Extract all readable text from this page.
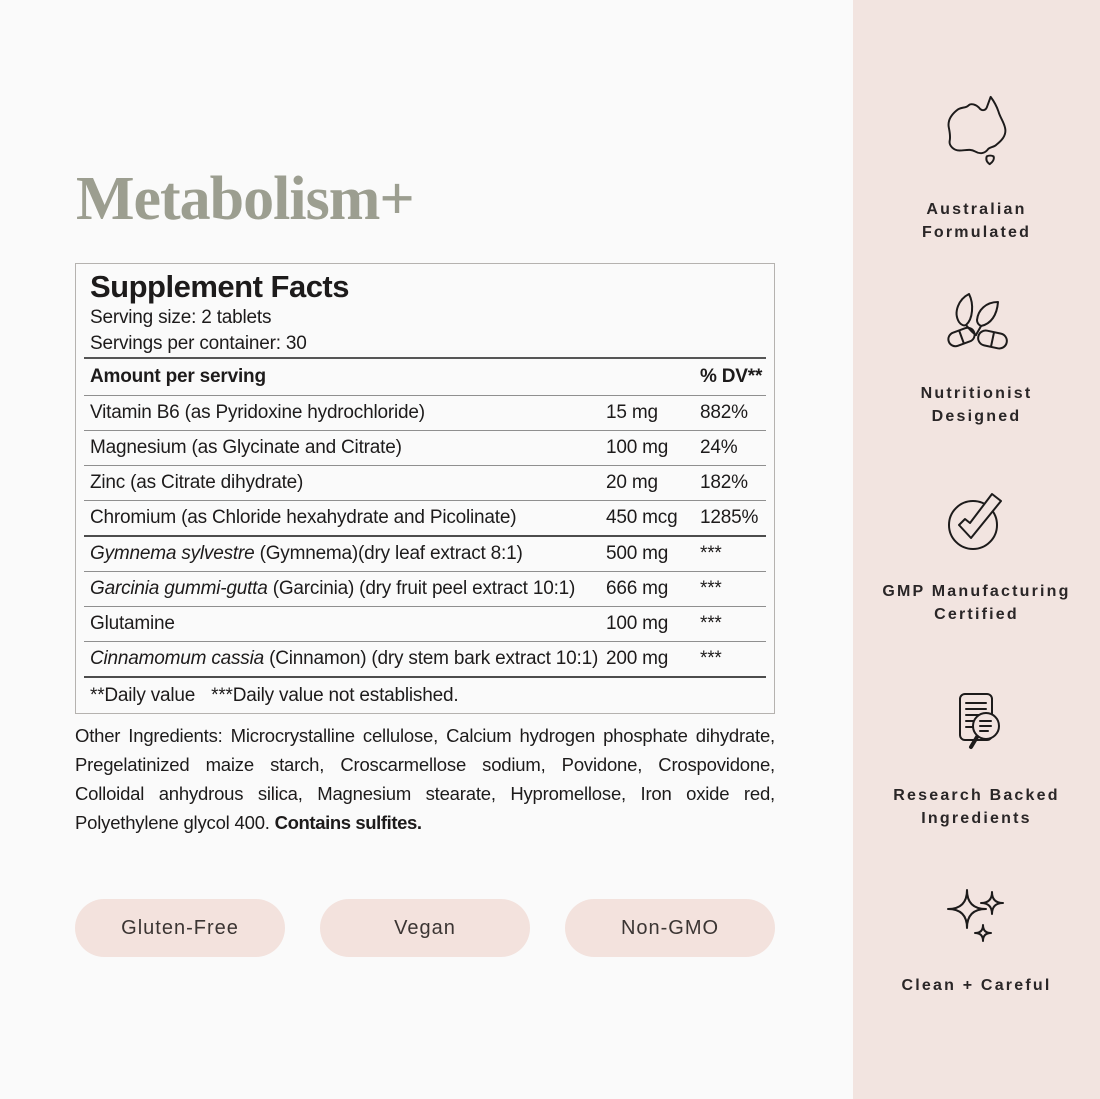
Metabolism+
Supplement Facts

Serving size: 2 tablets

Servings per container: 30

Amount per serving	% DV**
Vitamin B6 (as Pyridoxine hydrochloride)	15 mg	882%
Magnesium (as Glycinate and Citrate)	100 mg	24%
Zinc (as Citrate dihydrate)	20 mg	182%
Chromium (as Chloride hexahydrate and Picolinate)	450 mcg	1285%
Gymnema sylvestre (Gymnema)(dry leaf extract 8:1)	500 mg	***
Garcinia gummi-gutta (Garcinia) (dry fruit peel extract 10:1)	666 mg	***
Glutamine	100 mg	***
Cinnamomum cassia (Cinnamon) (dry stem bark extract 10:1) 200 mg	***
**Daily value ***Daily value not established.

Other Ingredients: Microcrystalline cellulose, Calcium hydrogen phosphate dihydrate, Pregelatinized maize starch, Croscarmellose sodium, Povidone, Crospovidone, Colloidal anhydrous silica, Magnesium stearate, Hypromellose, Iron oxide red, Polyethylene glycol 400. Contains sulfites.

Gluten-Free	Vegan	Non-GMO
Australian
Formulated
Nutritionist
Designed
GMP Manufacturing
Certified
Research Backed
Ingredients
Clean + Careful
